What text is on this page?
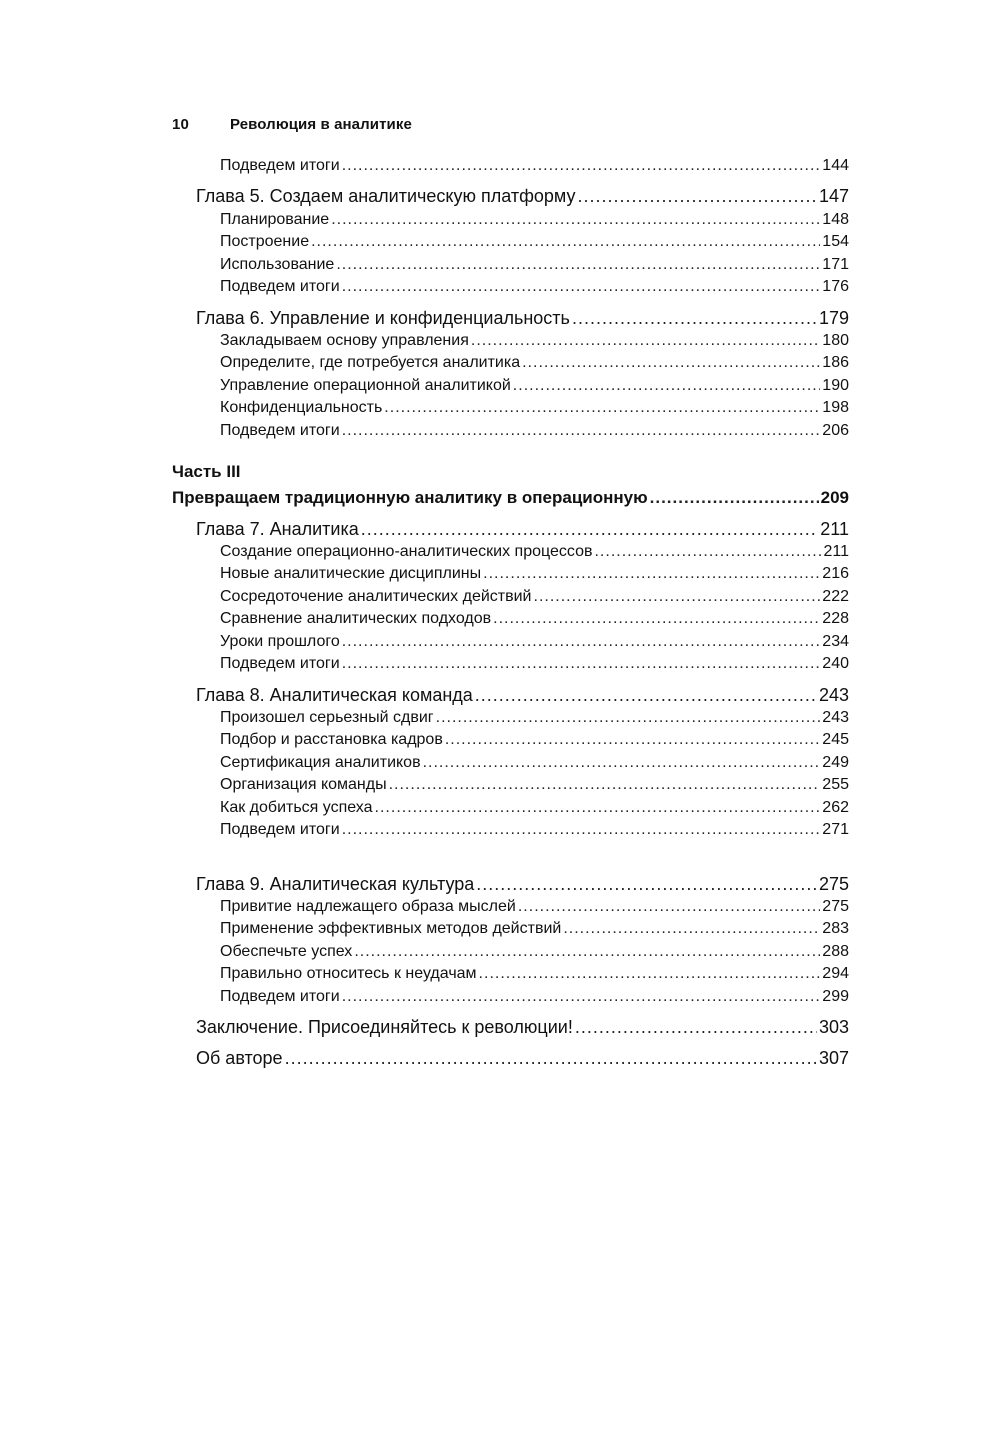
10	Революция в аналитике
Подведем итоги .....	144
Глава 5. Создаем аналитическую платформу .....	147
Планирование .....	148
Построение .....	154
Использование .....	171
Подведем итоги .....	176
Глава 6. Управление и конфиденциальность .....	179
Закладываем основу управления .....	180
Определите, где потребуется аналитика .....	186
Управление операционной аналитикой .....	190
Конфиденциальность .....	198
Подведем итоги .....	206
Часть III
Превращаем традиционную аналитику в операционную .....	209
Глава 7. Аналитика .....	211
Создание операционно-аналитических процессов .....	211
Новые аналитические дисциплины .....	216
Сосредоточение аналитических действий .....	222
Сравнение аналитических подходов .....	228
Уроки прошлого .....	234
Подведем итоги .....	240
Глава 8. Аналитическая команда .....	243
Произошел серьезный сдвиг .....	243
Подбор и расстановка кадров .....	245
Сертификация аналитиков .....	249
Организация команды .....	255
Как добиться успеха .....	262
Подведем итоги .....	271
Глава 9. Аналитическая культура .....	275
Привитие надлежащего образа мыслей .....	275
Применение эффективных методов действий .....	283
Обеспечьте успех .....	288
Правильно относитесь к неудачам .....	294
Подведем итоги .....	299
Заключение. Присоединяйтесь к революции! .....	303
Об авторе .....	307
